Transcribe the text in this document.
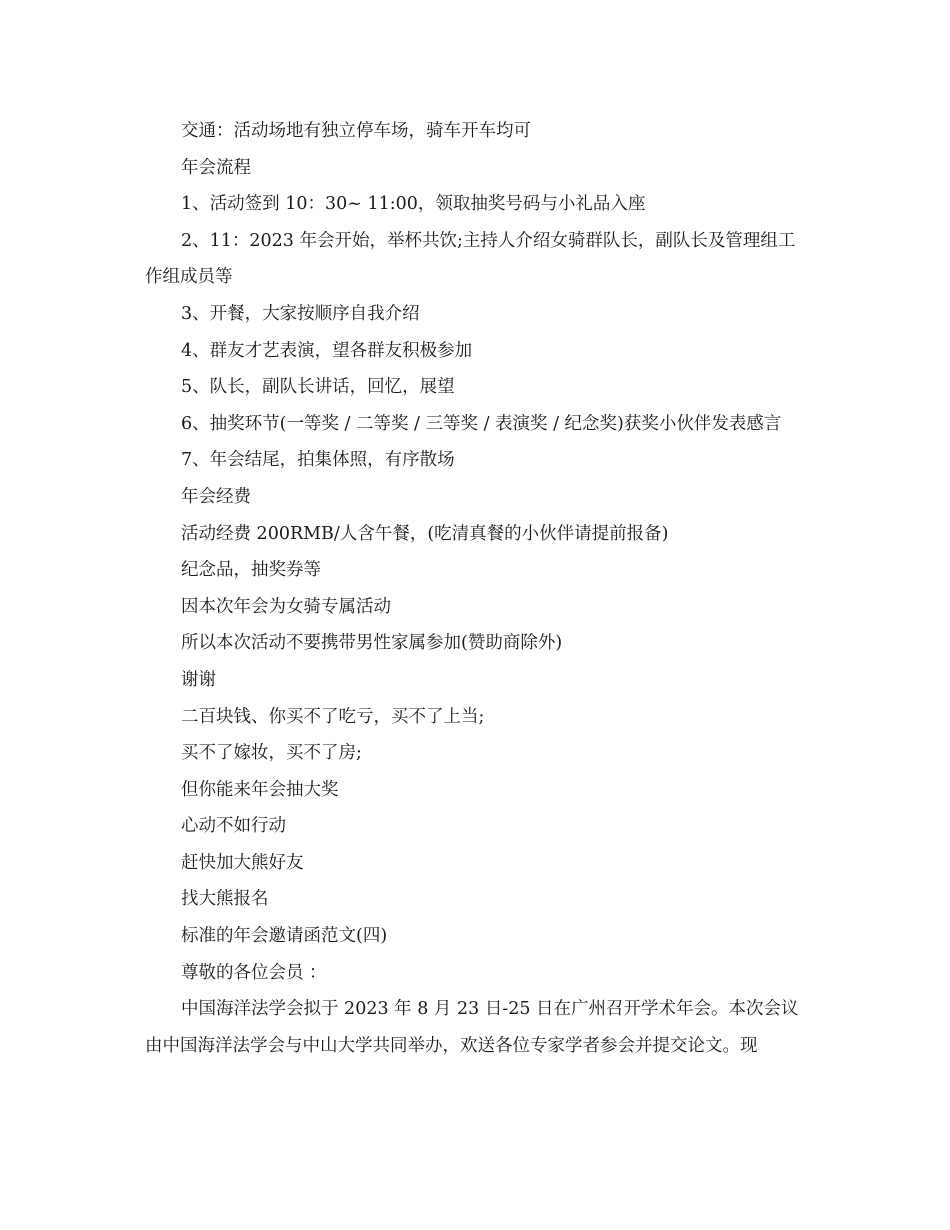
交通：活动场地有独立停车场，骑车开车均可

年会流程

1、活动签到 10：30~ 11:00，领取抽奖号码与小礼品入座

2、11：2023 年会开始，举杯共饮;主持人介绍女骑群队长，副队长及管理组工作组成员等

3、开餐，大家按顺序自我介绍

4、群友才艺表演，望各群友积极参加

5、队长，副队长讲话，回忆，展望

6、抽奖环节(一等奖 / 二等奖 / 三等奖 / 表演奖 / 纪念奖)获奖小伙伴发表感言

7、年会结尾，拍集体照，有序散场

年会经费

活动经费 200RMB/人含午餐，(吃清真餐的小伙伴请提前报备)

纪念品，抽奖券等

因本次年会为女骑专属活动

所以本次活动不要携带男性家属参加(赞助商除外)

谢谢

二百块钱、你买不了吃亏，买不了上当;

买不了嫁妆，买不了房;

但你能来年会抽大奖

心动不如行动

赶快加大熊好友

找大熊报名

标准的年会邀请函范文(四)

尊敬的各位会员 ：

中国海洋法学会拟于 2023 年 8 月 23 日-25 日在广州召开学术年会。本次会议由中国海洋法学会与中山大学共同举办，欢送各位专家学者参会并提交论文。现
